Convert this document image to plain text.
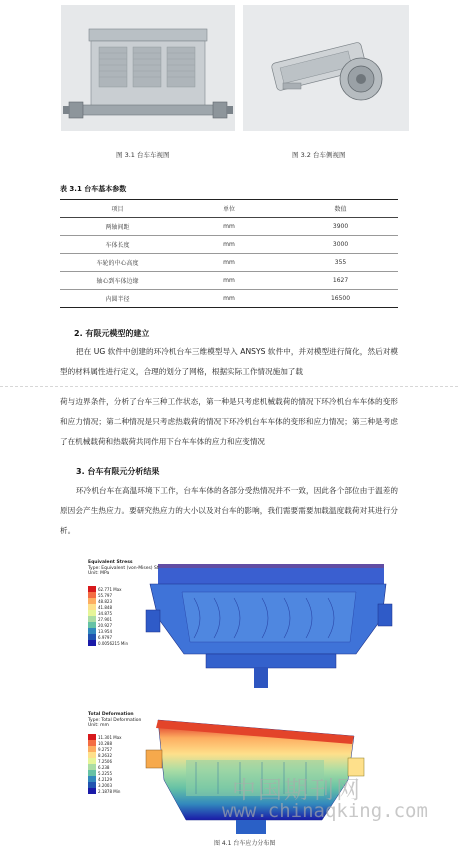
图 3.1 台车车视图	图 3.2 台车侧视图
表 3.1 台车基本参数
项目	单位	数值
两轴间距	mm	3900
车体长度	mm	3000
车轮的中心高度	mm	355
轴心到车体边缘	mm	1627
内圆半径	mm	16500
2. 有限元模型的建立
把在 UG 软件中创建的环冷机台车三维模型导入 ANSYS 软件中，并对模型进行简化，然后对模型的材料属性进行定义，合理的划分了网格，根据实际工作情况施加了载
荷与边界条件，分析了台车三种工作状态，第一种是只考虑机械载荷的情况下环冷机台车车体的变形和应力情况；第二种情况是只考虑热载荷的情况下环冷机台车车体的变形和应力情况；第三种是考虑了在机械载荷和热载荷共同作用下台车车体的应力和应变情况
3. 台车有限元分析结果
环冷机台车在高温环境下工作，台车车体的各部分受热情况并不一致，因此各个部位由于温差的原因会产生热应力。要研究热应力的大小以及对台车的影响，我们需要需要加载温度载荷对其进行分析。
Equivalent Stress
Type: Equivalent (von-Mises) St
Unit: MPa
62.771 Max
55.797
48.823
41.848
34.875
27.901
20.927
13.954
6.9797
0.0056215 Min
Total Deformation
Type: Total Deformation
Unit: mm
11.301 Max
10.288
9.2757
8.2632
7.2506
6.238
5.2255
4.2129
3.2003
2.1878 Min
图 4.1 台车应力分布图
中国期刊网
www.chinaqking.com
